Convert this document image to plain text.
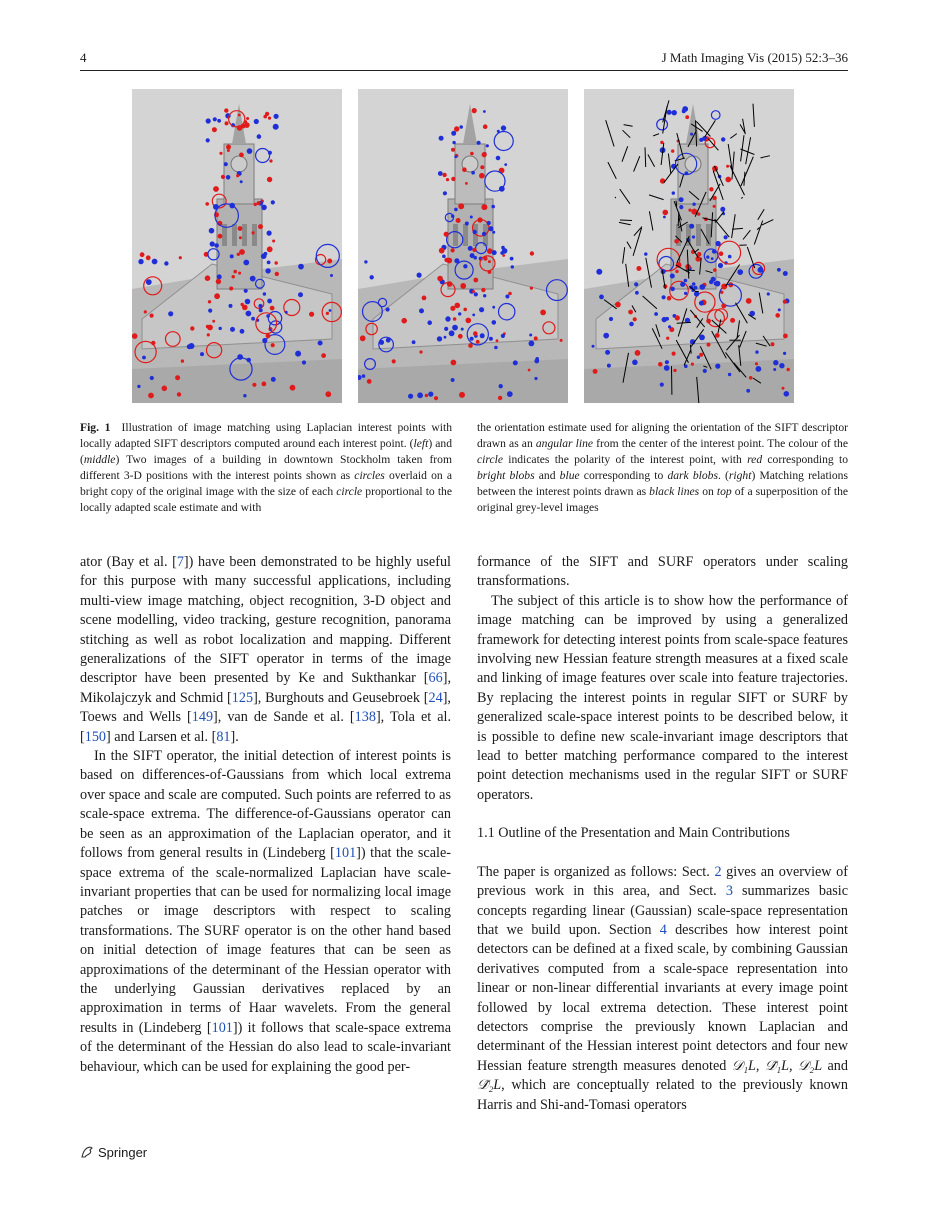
4	J Math Imaging Vis (2015) 52:3–36

Fig. 1 Illustration of image matching using Laplacian interest points with locally adapted SIFT descriptors computed around each interest point. (left) and (middle) Two images of a building in downtown Stockholm taken from different 3-D positions with the interest points shown as circles overlaid on a bright copy of the original image with the size of each circle proportional to the locally adapted scale estimate and with

the orientation estimate used for aligning the orientation of the SIFT descriptor drawn as an angular line from the center of the interest point. The colour of the circle indicates the polarity of the interest point, with red corresponding to bright blobs and blue corresponding to dark blobs. (right) Matching relations between the interest points drawn as black lines on top of a superposition of the original grey-level images

ator (Bay et al. [7]) have been demonstrated to be highly useful for this purpose with many successful applications, including multi-view image matching, object recognition, 3-D object and scene modelling, video tracking, gesture recognition, panorama stitching as well as robot localization and mapping. Different generalizations of the SIFT operator in terms of the image descriptor have been presented by Ke and Sukthankar [66], Mikolajczyk and Schmid [125], Burghouts and Geusebroek [24], Toews and Wells [149], van de Sande et al. [138], Tola et al. [150] and Larsen et al. [81].

In the SIFT operator, the initial detection of interest points is based on differences-of-Gaussians from which local extrema over space and scale are computed. Such points are referred to as scale-space extrema. The difference-of-Gaussians operator can be seen as an approximation of the Laplacian operator, and it follows from general results in (Lindeberg [101]) that the scale-space extrema of the scale-normalized Laplacian have scale-invariant properties that can be used for normalizing local image patches or image descriptors with respect to scaling transformations. The SURF operator is on the other hand based on initial detection of image features that can be seen as approximations of the determinant of the Hessian operator with the underlying Gaussian derivatives replaced by an approximation in terms of Haar wavelets. From the general results in (Lindeberg [101]) it follows that scale-space extrema of the determinant of the Hessian do also lead to scale-invariant behaviour, which can be used for explaining the good per-

formance of the SIFT and SURF operators under scaling transformations.

The subject of this article is to show how the performance of image matching can be improved by using a generalized framework for detecting interest points from scale-space features involving new Hessian feature strength measures at a fixed scale and linking of image features over scale into feature trajectories. By replacing the interest points in regular SIFT or SURF by generalized scale-space interest points to be described below, it is possible to define new scale-invariant image descriptors that lead to better matching performance compared to the interest point detection mechanisms used in the regular SIFT or SURF operators.

1.1 Outline of the Presentation and Main Contributions

The paper is organized as follows: Sect. 2 gives an overview of previous work in this area, and Sect. 3 summarizes basic concepts regarding linear (Gaussian) scale-space representation that we build upon. Section 4 describes how interest point detectors can be defined at a fixed scale, by combining Gaussian derivatives computed from a scale-space representation into linear or non-linear differential invariants at every image point followed by local extrema detection. These interest point detectors comprise the previously known Laplacian and determinant of the Hessian interest point detectors and four new Hessian feature strength measures denoted 𝒟₁L, 𝒟̃₁L, 𝒟₂L and 𝒟̃₂L, which are conceptually related to the previously known Harris and Shi-and-Tomasi operators

Springer
